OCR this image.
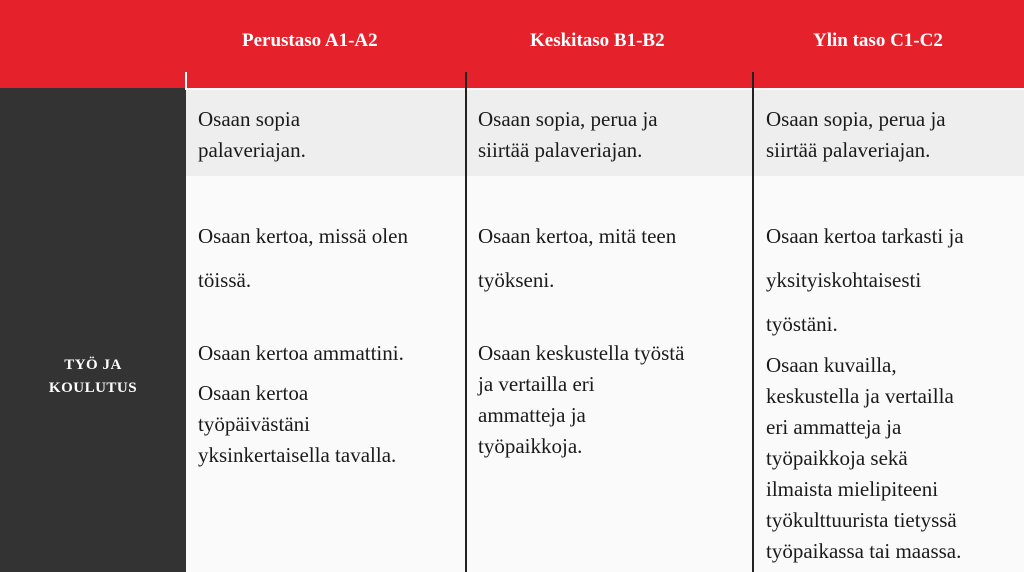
Perustaso A1-A2	Keskitaso B1-B2	Ylin taso C1-C2
TYÖ JA
KOULUTUS
Osaan sopia
palaveriajan.
Osaan sopia, perua ja
siirtää palaveriajan.
Osaan sopia, perua ja
siirtää palaveriajan.
Osaan kertoa, missä olen
töissä.
Osaan kertoa ammattini.
Osaan kertoa
työpäivästäni
yksinkertaisella tavalla.
Osaan kertoa, mitä teen
työkseni.
Osaan keskustella työstä
ja vertailla eri
ammatteja ja
työpaikkoja.
Osaan kertoa tarkasti ja
yksityiskohtaisesti
työstäni.
Osaan kuvailla,
keskustella ja vertailla
eri ammatteja ja
työpaikkoja sekä
ilmaista mielipiteeni
työkulttuurista tietyssä
työpaikassa tai maassa.
